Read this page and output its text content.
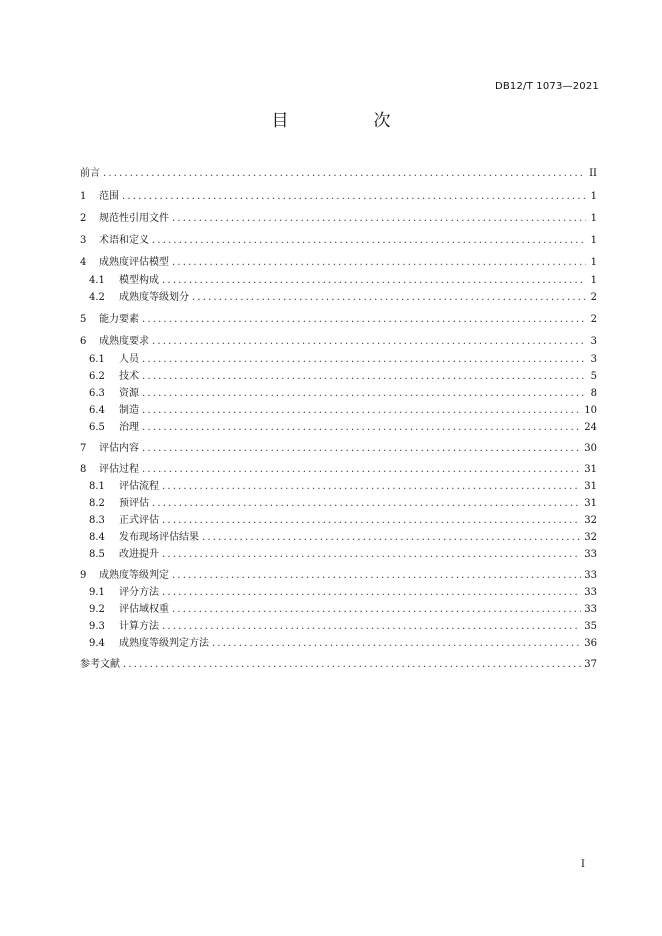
DB12/T 1073—2021
目　次
前言 . . .	II
1	范围 . . .	1
2	规范性引用文件 . . .	1
3	术语和定义 . . .	1
4	成熟度评估模型 . . .	1
4.1	模型构成 . . .	1
4.2	成熟度等级划分 . . .	2
5	能力要素 . . .	2
6	成熟度要求 . . .	3
6.1	人员 . . .	3
6.2	技术 . . .	5
6.3	资源 . . .	8
6.4	制造 . . .	10
6.5	治理 . . .	24
7	评估内容 . . .	30
8	评估过程 . . .	31
8.1	评估流程 . . .	31
8.2	预评估 . . .	31
8.3	正式评估 . . .	32
8.4	发布现场评估结果 . . .	32
8.5	改进提升 . . .	33
9	成熟度等级判定 . . .	33
9.1	评分方法 . . .	33
9.2	评估域权重 . . .	33
9.3	计算方法 . . .	35
9.4	成熟度等级判定方法 . . .	36
参考文献 . . .	37
I
